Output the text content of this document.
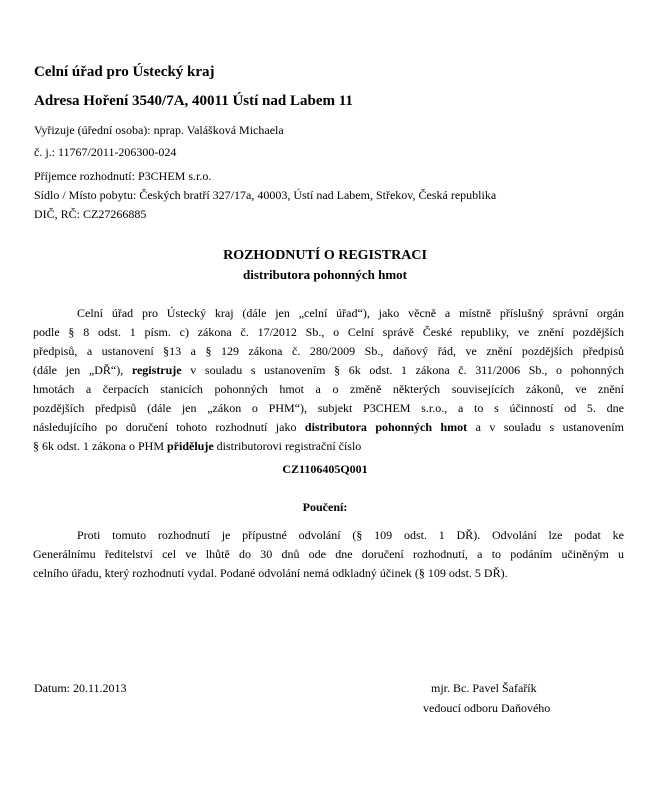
Celní úřad pro Ústecký kraj
Adresa Hoření 3540/7A, 40011 Ústí nad Labem 11
Vyřizuje (úřední osoba): nprap. Valášková Michaela
č. j.: 11767/2011-206300-024
Příjemce rozhodnutí: P3CHEM s.r.o.
Sídlo / Místo pobytu: Českých bratří 327/17a, 40003, Ústí nad Labem, Střekov, Česká republika
DIČ, RČ: CZ27266885
ROZHODNUTÍ O REGISTRACI
distributora pohonných hmot
Celní úřad pro Ústecký kraj (dále jen „celní úřad“), jako věcně a místně příslušný správní orgán
podle § 8 odst. 1 písm. c) zákona č. 17/2012 Sb., o Celní správě České republiky, ve znění pozdějších
předpisů, a ustanovení §13 a § 129 zákona č. 280/2009 Sb., daňový řád, ve znění pozdějších předpisů
(dále jen „DŘ“), registruje v souladu s ustanovením § 6k odst. 1 zákona č. 311/2006 Sb., o pohonných
hmotách a čerpacích stanicích pohonných hmot a o změně některých souvisejících zákonů, ve znění
pozdějších předpisů (dále jen „zákon o PHM“), subjekt P3CHEM s.r.o., a to s účinností od 5. dne
následujícího po doručení tohoto rozhodnutí jako distributora pohonných hmot a v souladu s ustanovením
§ 6k odst. 1 zákona o PHM přiděluje distributorovi registrační číslo
CZ1106405Q001
Poučení:
Proti tomuto rozhodnutí je přípustné odvolání (§ 109 odst. 1 DŘ). Odvolání lze podat ke
Generálnímu ředitelství cel ve lhůtě do 30 dnů ode dne doručení rozhodnutí, a to podáním učiněným u
celního úřadu, který rozhodnutí vydal. Podané odvolání nemá odkladný účinek (§ 109 odst. 5 DŘ).
Datum: 20.11.2013	mjr. Bc. Pavel Šafařík
vedoucí odboru Daňového
